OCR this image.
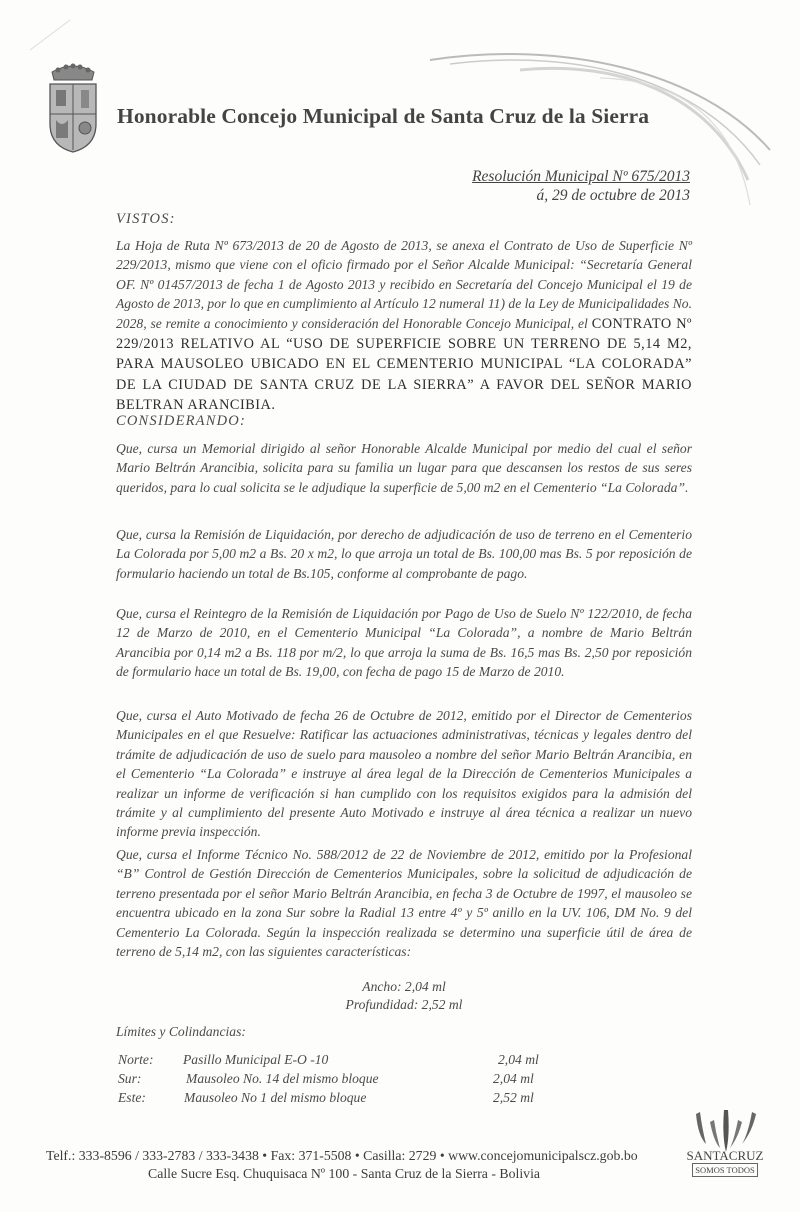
Honorable Concejo Municipal de Santa Cruz de la Sierra
Resolución Municipal Nº 675/2013
á, 29 de octubre de 2013
VISTOS:
La Hoja de Ruta Nº 673/2013 de 20 de Agosto de 2013, se anexa el Contrato de Uso de Superficie Nº 229/2013, mismo que viene con el oficio firmado por el Señor Alcalde Municipal: “Secretaría General OF. Nº 01457/2013 de fecha 1 de Agosto 2013 y recibido en Secretaría del Concejo Municipal el 19 de Agosto de 2013, por lo que en cumplimiento al Artículo 12 numeral 11) de la Ley de Municipalidades No. 2028, se remite a conocimiento y consideración del Honorable Concejo Municipal, el CONTRATO Nº 229/2013 RELATIVO AL “USO DE SUPERFICIE SOBRE UN TERRENO DE 5,14 M2, PARA MAUSOLEO UBICADO EN EL CEMENTERIO MUNICIPAL “LA COLORADA” DE LA CIUDAD DE SANTA CRUZ DE LA SIERRA” A FAVOR DEL SEÑOR MARIO BELTRAN ARANCIBIA.
CONSIDERANDO:
Que, cursa un Memorial dirigido al señor Honorable Alcalde Municipal por medio del cual el señor Mario Beltrán Arancibia, solicita para su familia un lugar para que descansen los restos de sus seres queridos, para lo cual solicita se le adjudique la superficie de 5,00 m2 en el Cementerio “La Colorada”.
Que, cursa la Remisión de Liquidación, por derecho de adjudicación de uso de terreno en el Cementerio La Colorada por 5,00 m2 a Bs. 20 x m2, lo que arroja un total de Bs. 100,00 mas Bs. 5 por reposición de formulario haciendo un total de Bs.105, conforme al comprobante de pago.
Que, cursa el Reintegro de la Remisión de Liquidación por Pago de Uso de Suelo Nº 122/2010, de fecha 12 de Marzo de 2010, en el Cementerio Municipal “La Colorada”, a nombre de Mario Beltrán Arancibia por 0,14 m2 a Bs. 118 por m/2, lo que arroja la suma de Bs. 16,5 mas Bs. 2,50 por reposición de formulario hace un total de Bs. 19,00, con fecha de pago 15 de Marzo de 2010.
Que, cursa el Auto Motivado de fecha 26 de Octubre de 2012, emitido por el Director de Cementerios Municipales en el que Resuelve: Ratificar las actuaciones administrativas, técnicas y legales dentro del trámite de adjudicación de uso de suelo para mausoleo a nombre del señor Mario Beltrán Arancibia, en el Cementerio “La Colorada” e instruye al área legal de la Dirección de Cementerios Municipales a realizar un informe de verificación si han cumplido con los requisitos exigidos para la admisión del trámite y al cumplimiento del presente Auto Motivado e instruye al área técnica a realizar un nuevo informe previa inspección.
Que, cursa el Informe Técnico No. 588/2012 de 22 de Noviembre de 2012, emitido por la Profesional “B” Control de Gestión Dirección de Cementerios Municipales, sobre la solicitud de adjudicación de terreno presentada por el señor Mario Beltrán Arancibia, en fecha 3 de Octubre de 1997, el mausoleo se encuentra ubicado en la zona Sur sobre la Radial 13 entre 4º y 5º anillo en la UV. 106, DM No. 9 del Cementerio La Colorada. Según la inspección realizada se determino una superficie útil de área de terreno de 5,14 m2, con las siguientes características:
Ancho: 2,04 ml
Profundidad: 2,52 ml
Límites y Colindancias:
Norte: Pasillo Municipal E-O -10	2,04 ml
Sur:	Mausoleo No. 14 del mismo bloque	2,04 ml
Este:	Mausoleo No 1 del mismo bloque	2,52 ml
Telf.: 333-8596 / 333-2783 / 333-3438 • Fax: 371-5508 • Casilla: 2729 • www.concejomunicipalscz.gob.bo
Calle Sucre Esq. Chuquisaca Nº 100 - Santa Cruz de la Sierra - Bolivia
SANTACRUZ
SOMOS TODOS
